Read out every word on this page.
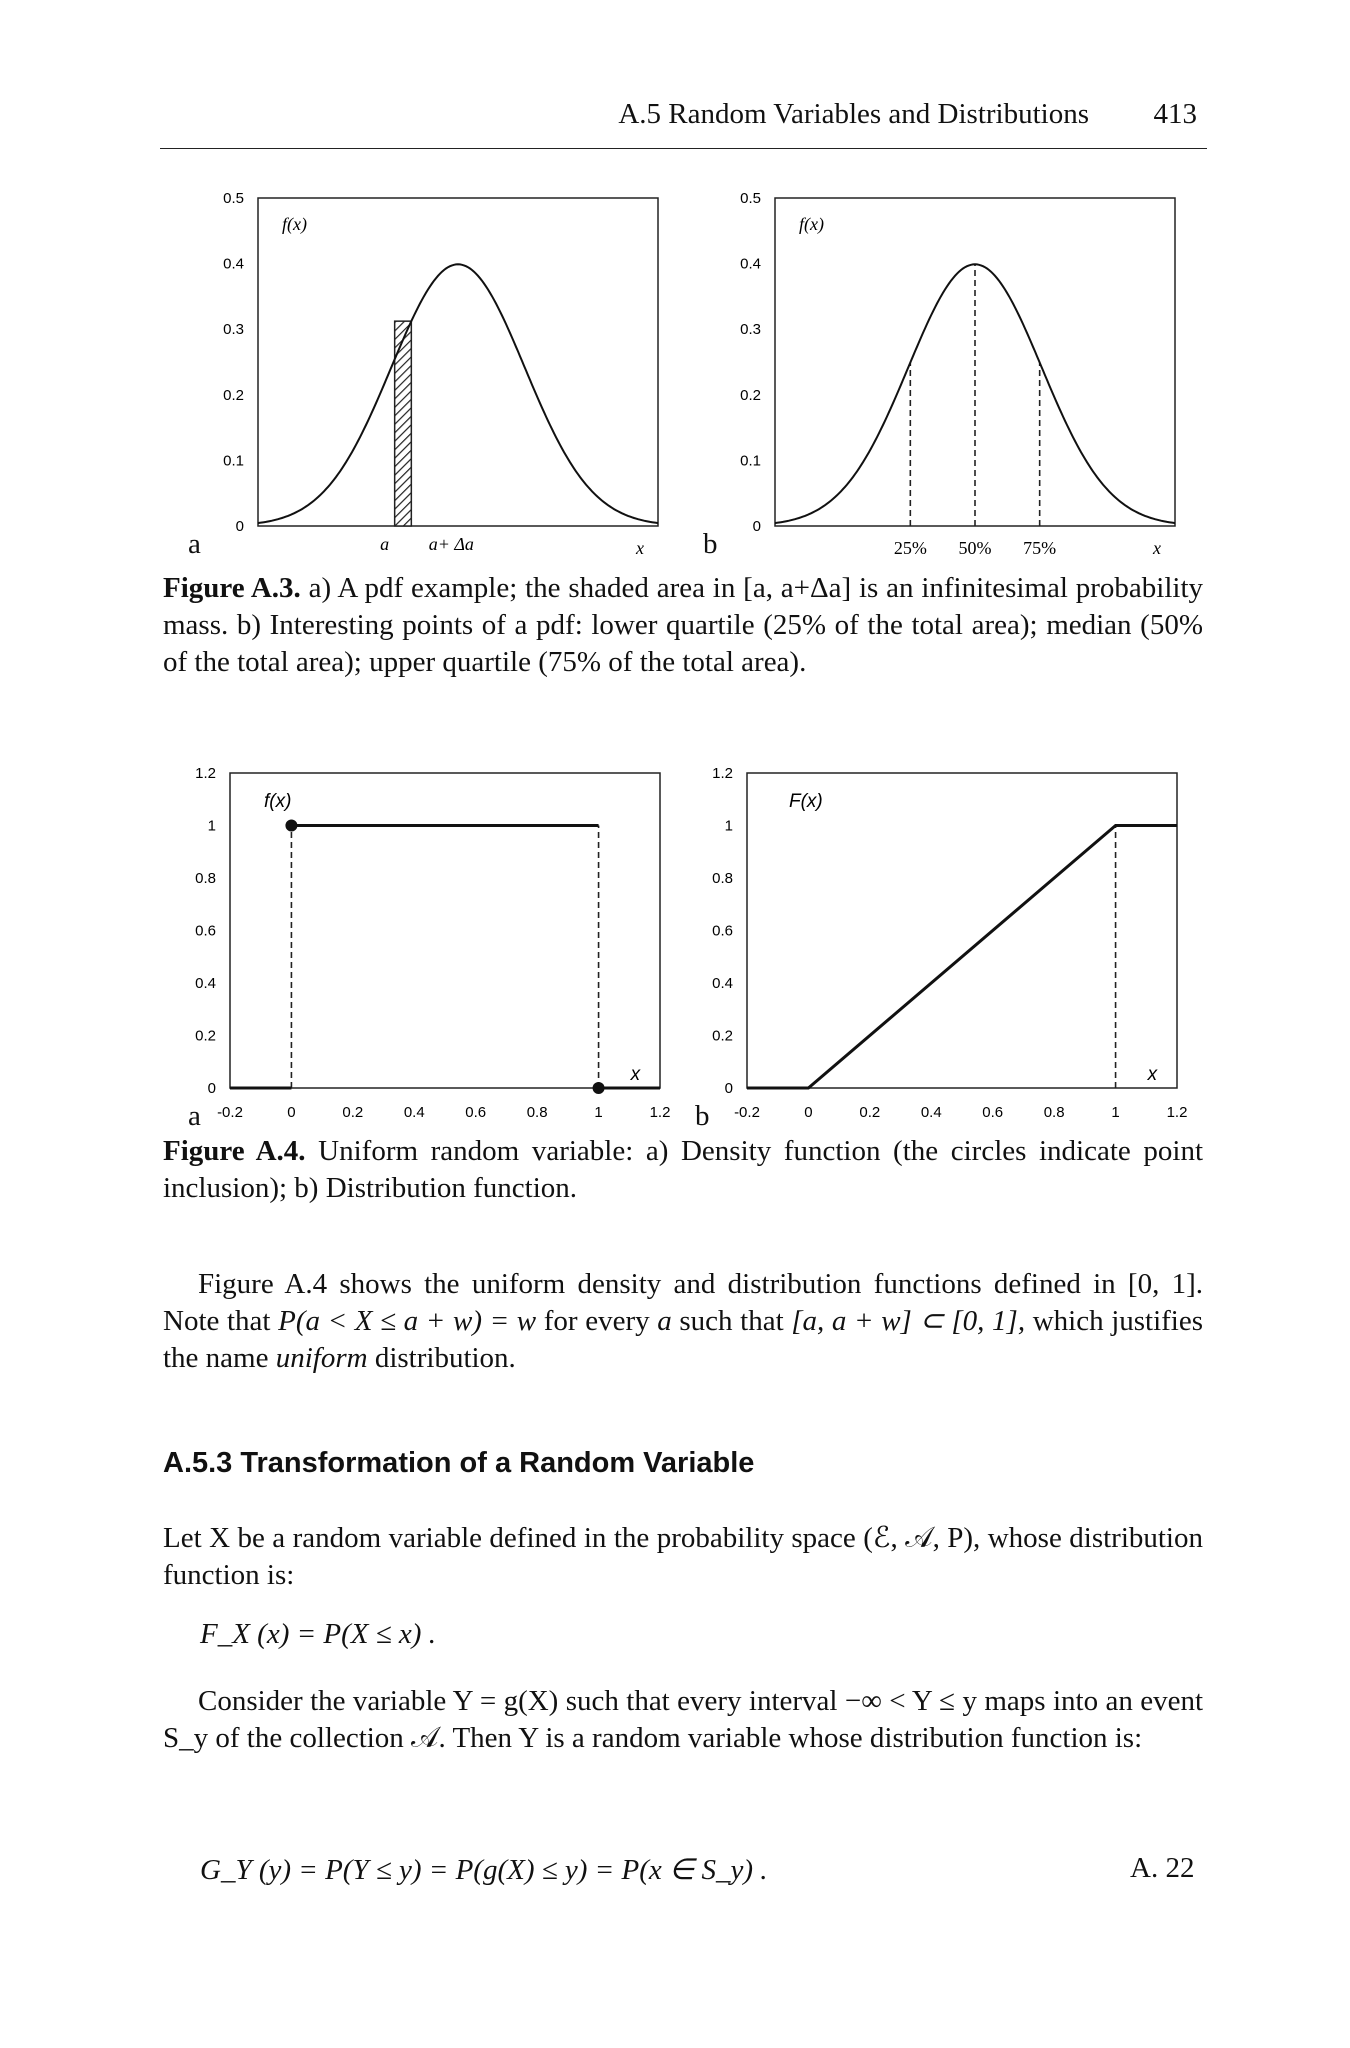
A.5 Random Variables and Distributions 413
0
0.1
0.2
0.3
0.4
0.5
f(x)
x
a a+ Δa
a
0
0.1
0.2
0.3
0.4
0.5
25% 50% 75%
f(x)
x
b
Figure A.3. a) A pdf example; the shaded area in [a, a+Δa] is an infinitesimal probability mass. b) Interesting points of a pdf: lower quartile (25% of the total area); median (50% of the total area); upper quartile (75% of the total area).
0
0.2
0.4
0.6
0.8
1
1.2
-0.2	0	0.2	0.4	0.6	0.8	1	1.2
f(x)
x
a
0
0.2
0.4
0.6
0.8
1
1.2
-0.2	0	0.2	0.4	0.6	0.8	1	1.2
F(x)
x
b
Figure A.4. Uniform random variable: a) Density function (the circles indicate point inclusion); b) Distribution function.
Figure A.4 shows the uniform density and distribution functions defined in [0, 1]. Note that P(a < X ≤ a + w) = w for every a such that [a, a + w] ⊂ [0, 1], which justifies the name uniform distribution.
A.5.3 Transformation of a Random Variable
Let X be a random variable defined in the probability space (ℰ, 𝒜, P), whose distribution function is:
F_X (x) = P(X ≤ x) .
Consider the variable Y = g(X) such that every interval −∞ < Y ≤ y maps into an event S_y of the collection 𝒜. Then Y is a random variable whose distribution function is:
G_Y (y) = P(Y ≤ y) = P(g(X) ≤ y) = P(x ∈ S_y) .	A. 22
